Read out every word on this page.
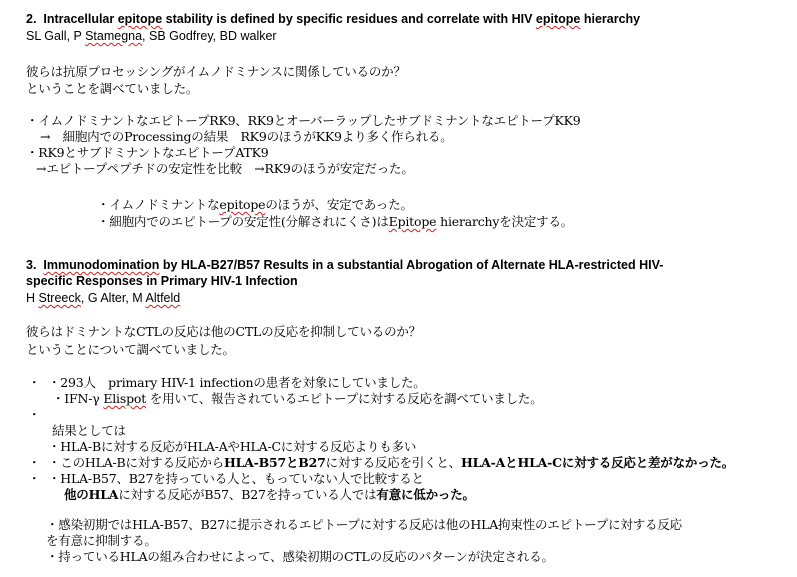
2. Intracellular epitope stability is defined by specific residues and correlate with HIV epitope hierarchy
SL Gall, P Stamegna, SB Godfrey, BD walker
彼らは抗原プロセッシングがイムノドミナンスに関係しているのか？
ということを調べていました。
・イムノドミナントなエピトープRK9、RK9とオーバーラップしたサブドミナントなエピトープKK9
→　細胞内でのProcessingの結果　RK9のほうがKK9より多く作られる。
・RK9とサブドミナントなエピトープATK9
→エピトープペプチドの安定性を比較　→RK9のほうが安定だった。
・イムノドミナントなepitopeのほうが、安定であった。
・細胞内でのエピトープの安定性(分解されにくさ)はEpitope hierarchyを決定する。
3. Immunodomination by HLA-B27/B57 Results in a substantial Abrogation of Alternate HLA-restricted HIV-
specific Responses in Primary HIV-1 Infection
H Streeck, G Alter, M Altfeld
彼らはドミナントなCTLの反応は他のCTLの反応を抑制しているのか？
ということについて調べていました。
・ ・293人　primary HIV-1 infectionの患者を対象にしていました。
・IFN-γ Elispot を用いて、報告されているエピトープに対する反応を調べていました。
・
結果としては
・HLA-Bに対する反応がHLA-AやHLA-Cに対する反応よりも多い
・ ・このHLA-Bに対する反応からHLA-B57とB27に対する反応を引くと、HLA-AとHLA-Cに対する反応と差がなかった。
・ ・HLA-B57、B27を持っている人と、もっていない人で比較すると
他のHLAに対する反応がB57、B27を持っている人では有意に低かった。
・感染初期ではHLA-B57、B27に提示されるエピトープに対する反応は他のHLA拘束性のエピトープに対する反応
を有意に抑制する。
・持っているHLAの組み合わせによって、感染初期のCTLの反応のパターンが決定される。
